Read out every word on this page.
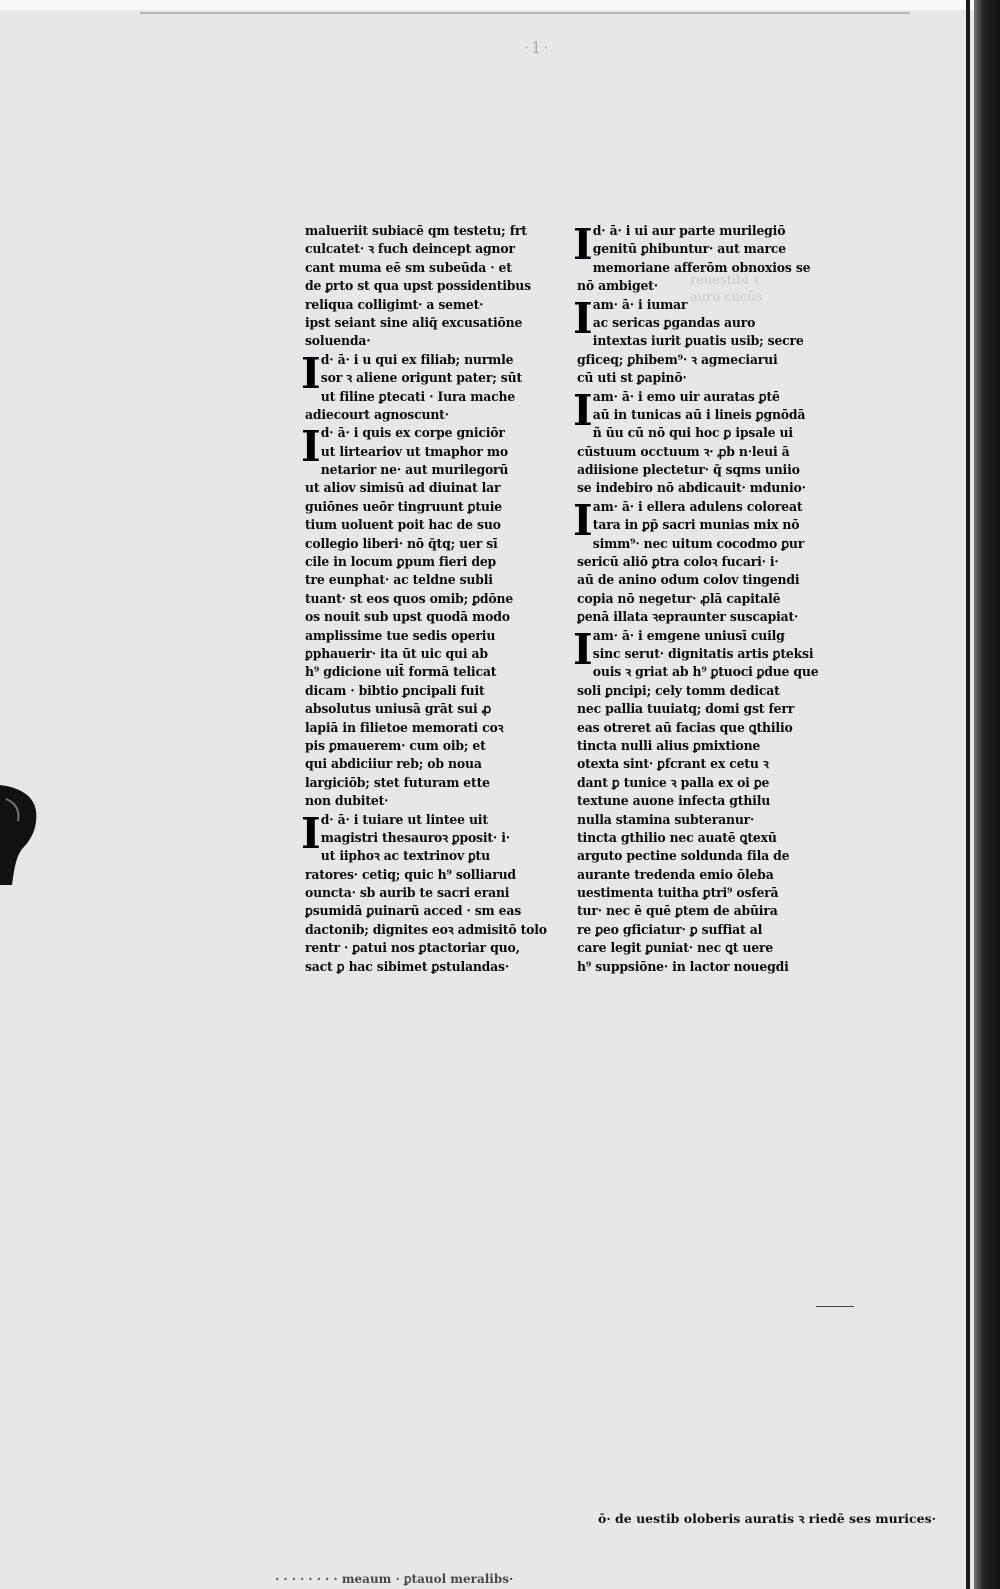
·1·
reuestibi ꝛ
auro cucūs
malueriit subiacē qm testetu; frt
culcatet· ꝛ fuch deincept agnor
cant muma eē sm subeūda · et
de ꝑrto st qua upst possidentibus
reliqua colligimt· a semet·
ipst seiant sine aliq̄ excusatiōne
soluenda·
I d· ā· i u qui ex filiab; nurmle
sor ꝛ aliene origunt pater; sūt
ut filine ꝑtecati · Iura mache
adiecourt agnoscunt·
I d· ā· i quis ex corpe gniciōr
ut lirteariov ut tmaphor mo
netarior ne· aut murilegorū
ut aliov simisū ad diuinat lar
guiōnes ueōr tingruunt ꝑtuie
tium uoluent poit hac de suo
collegio liberi· nō q̄tq; uer sī
cile in locum ꝑpum fieri dep
tre eunphat· ac teldne subli
tuant· st eos quos omib; ꝑdōne
os nouit sub upst quodā modo
amplissime tue sedis operiu
ꝑphauerir· ita ūt uic qui ab
h⁹ gdicione uit̄ formā telicat
dicam · bibtio ꝑncipali fuit
absolutus uniusā grāt sui ꝓ
lapiā in filietoe memorati coꝛ
pis ꝑmauerem· cum oib; et
qui abdiciiur reb; ob noua
largiciōb; stet futuram ette
non dubitet·
I d· ā· i tuiare ut lintee uit
magistri thesauroꝛ ꝑposit· i·
ut iiphoꝛ ac textrinov ꝑtu
ratores· cetiq; quic h⁹ solliarud
ouncta· sb aurib te sacri erani
ꝑsumidā ꝑuinarū acced · sm eas
dactonib; dignites eoꝛ admisitō tolo
rentr · ꝑatui nos ꝑtactoriar quo,
sact ꝑ hac sibimet ꝑstulandas·
I d· ā· i ui aur parte murilegiō
genitū ꝑhibuntur· aut marce
memoriane afferōm obnoxios se
nō ambiget·
I am· ā· i iumar
ac sericas ꝑgandas auro
intextas iurit ꝑuatis usib; secre
gficeq; ꝑhibem⁹· ꝛ agmeciarui
cū uti st ꝑapinō·
I am· ā· i emo uir auratas ꝑtē
aū in tunicas aū i lineis ꝑgnōdā
ñ ūu cū nō qui hoc ꝑ ipsale ui
cūstuum occtuum ꝛ· ꝓb n·leui ā
adiisione plectetur· q̄ sqms uniio
se indebiro nō abdicauit· mdunio·
I am· ā· i ellera adulens coloreat
tara in ꝑp̄ sacri munias mix nō
simm⁹· nec uitum cocodmo ꝑur
sericū aliō ꝑtra coloꝛ fucari· i·
aū de anino odum colov tingendi
copia nō negetur· ꝓlā capitalē
ꝑenā illata ꝛepraunter suscapiat·
I am· ā· i emgene uniusī cuilg
sinc serut· dignitatis artis ꝑteksi
ouis ꝛ griat ab h⁹ ꝑtuoci ꝑdue que
soli ꝑncipi; cely tomm dedicat
nec pallia tuuiatq; domi gst ferr
eas otreret aū facias que ꝗthilio
tincta nulli alius ꝑmixtione
otexta sint· ꝑfcrant ex cetu ꝛ
dant ꝑ tunice ꝛ palla ex oi ꝑe
textune auone infecta gthilu
nulla stamina subteranur·
tincta gthilio nec auatē ꝗtexū
arguto pectine soldunda fila de
aurante tredenda emio ōleba
uestimenta tuitha ꝑtri⁹ osferā
tur· nec ē quē ꝑtem de abūira
re ꝑeo gficiatur· ꝑ suffiat al
care legit ꝑuniat· nec ꝗt uere
h⁹ suppsiōne· in lactor nouegdi
ō· de uestib oloberis auratis ꝛ riedē ses murices·
· · · · · · · · meaum · ꝑtauol meralibs·
